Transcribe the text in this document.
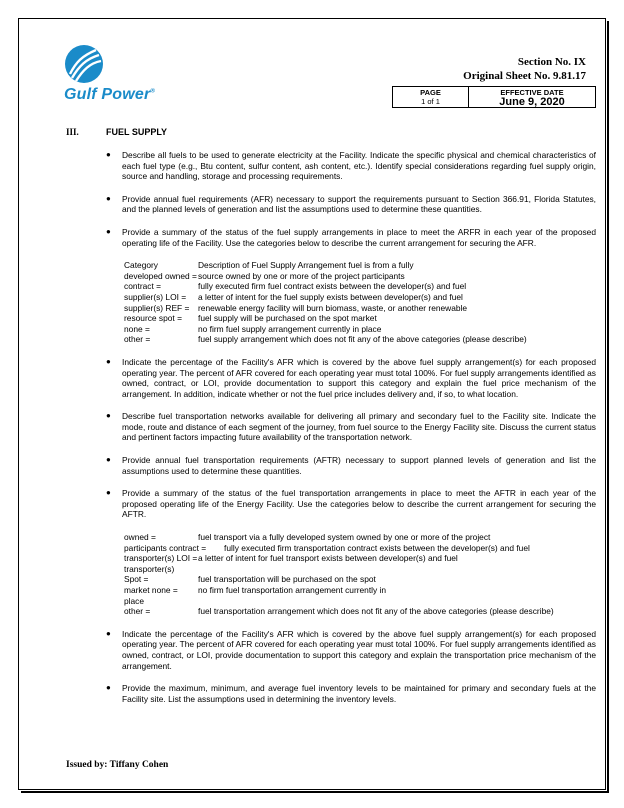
Gulf Power®
Section No. IX
Original Sheet No. 9.81.17
PAGE
1 of 1
EFFECTIVE DATE
June 9, 2020
III.	FUEL SUPPLY
● Describe all fuels to be used to generate electricity at the Facility. Indicate the specific physical and chemical characteristics of each fuel type (e.g., Btu content, sulfur content, ash content, etc.). Identify special considerations regarding fuel supply origin, source and handling, storage and processing requirements.
● Provide annual fuel requirements (AFR) necessary to support the requirements pursuant to Section 366.91, Florida Statutes, and the planned levels of generation and list the assumptions used to determine these quantities.
● Provide a summary of the status of the fuel supply arrangements in place to meet the ARFR in each year of the proposed operating life of the Facility. Use the categories below to describe the current arrangement for securing the AFR.
Category	Description of Fuel Supply Arrangement fuel is from a fully
developed owned = source owned by one or more of the project participants
contract =	fully executed firm fuel contract exists between the developer(s) and fuel
supplier(s) LOI =	a letter of intent for the fuel supply exists between developer(s) and fuel
supplier(s) REF =	renewable energy facility will burn biomass, waste, or another renewable
resource spot =	fuel supply will be purchased on the spot market
none =	no firm fuel supply arrangement currently in place
other =	fuel supply arrangement which does not fit any of the above categories (please describe)
● Indicate the percentage of the Facility's AFR which is covered by the above fuel supply arrangement(s) for each proposed operating year. The percent of AFR covered for each operating year must total 100%. For fuel supply arrangements identified as owned, contract, or LOI, provide documentation to support this category and explain the fuel price mechanism of the arrangement. In addition, indicate whether or not the fuel price includes delivery and, if so, to what location.
● Describe fuel transportation networks available for delivering all primary and secondary fuel to the Facility site. Indicate the mode, route and distance of each segment of the journey, from fuel source to the Energy Facility site. Discuss the current status and pertinent factors impacting future availability of the transportation network.
● Provide annual fuel transportation requirements (AFTR) necessary to support planned levels of generation and list the assumptions used to determine these quantities.
● Provide a summary of the status of the fuel transportation arrangements in place to meet the AFTR in each year of the proposed operating life of the Energy Facility. Use the categories below to describe the current arrangement for securing the AFTR.
owned =	fuel transport via a fully developed system owned by one or more of the project
participants contract =	fully executed firm transportation contract exists between the developer(s) and fuel
transporter(s) LOI = a letter of intent for fuel transport exists between developer(s) and fuel
transporter(s)
Spot =	fuel transportation will be purchased on the spot
market none =	no firm fuel transportation arrangement currently in
place
other =	fuel transportation arrangement which does not fit any of the above categories (please describe)
● Indicate the percentage of the Facility's AFR which is covered by the above fuel supply arrangement(s) for each proposed operating year. The percent of AFR covered for each operating year must total 100%. For fuel supply arrangements identified as owned, contract, or LOI, provide documentation to support this category and explain the transportation price mechanism of the arrangement.
● Provide the maximum, minimum, and average fuel inventory levels to be maintained for primary and secondary fuels at the Facility site. List the assumptions used in determining the inventory levels.
Issued by: Tiffany Cohen
